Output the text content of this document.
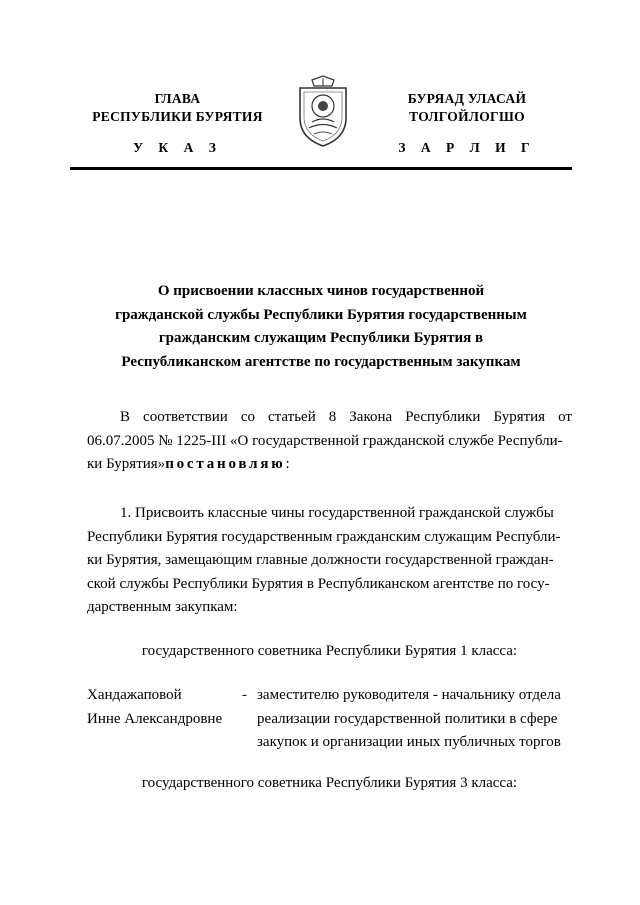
ГЛАВА
РЕСПУБЛИКИ БУРЯТИЯ
У К А З
БУРЯАД УЛАСАЙ
ТОЛГОЙЛОГШО
З А Р Л И Г
О присвоении классных чинов государственной
гражданской службы Республики Бурятия государственным
гражданским служащим Республики Бурятия в
Республиканском агентстве по государственным закупкам
В соответствии со статьей 8 Закона Республики Бурятия от
06.07.2005 № 1225-III «О государственной гражданской службе Республи-
ки Бурятия»постановляю:
1. Присвоить классные чины государственной гражданской службы
Республики Бурятия государственным гражданским служащим Республи-
ки Бурятия, замещающим главные должности государственной граждан-
ской службы Республики Бурятия в Республиканском агентстве по госу-
дарственным закупкам:
государственного советника Республики Бурятия 1 класса:
Хандажаповой
Инне Александровне
- заместителю руководителя - начальнику отдела
реализации государственной политики в сфере
закупок и организации иных публичных торгов
государственного советника Республики Бурятия 3 класса:
